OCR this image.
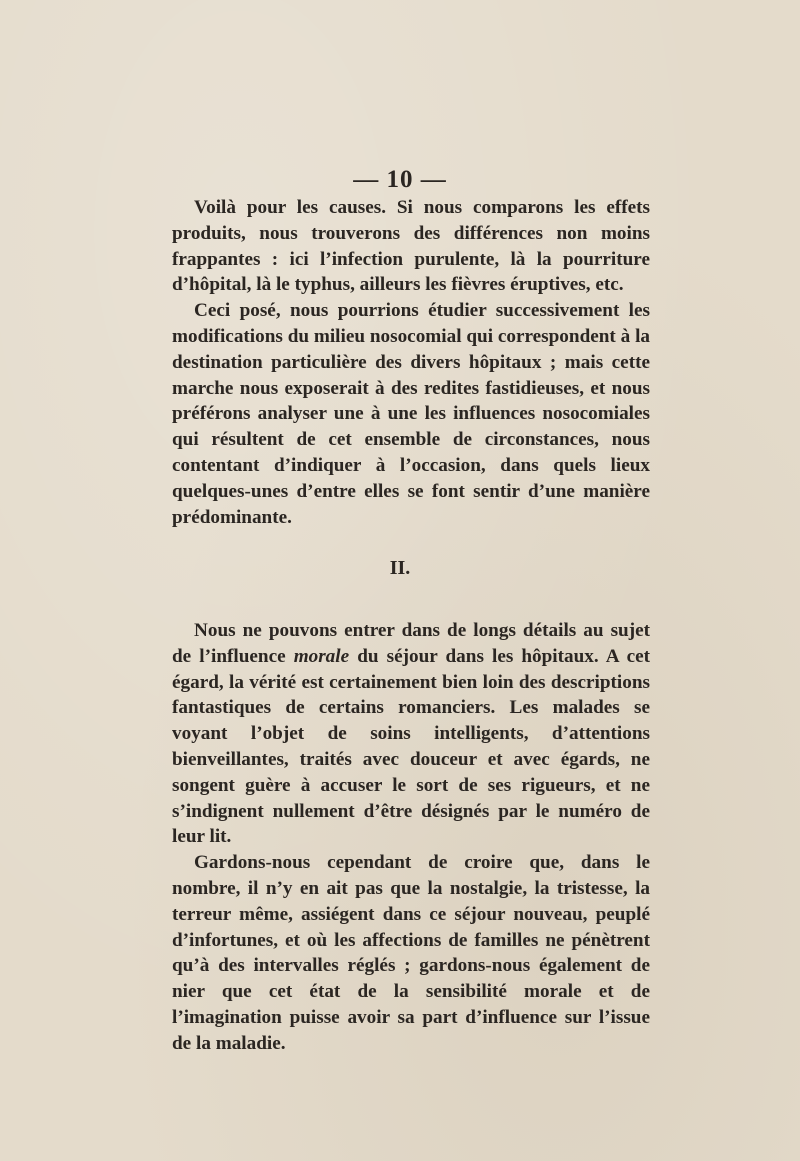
— 10 —

Voilà pour les causes. Si nous comparons les effets produits, nous trouverons des différences non moins frappantes : ici l’infection purulente, là la pourriture d’hôpital, là le typhus, ailleurs les fièvres éruptives, etc.

Ceci posé, nous pourrions étudier successivement les modifications du milieu nosocomial qui correspondent à la destination particulière des divers hôpitaux ; mais cette marche nous exposerait à des redites fastidieuses, et nous préférons analyser une à une les influences nosocomiales qui résultent de cet ensemble de circonstances, nous contentant d’indiquer à l’occasion, dans quels lieux quelques-unes d’entre elles se font sentir d’une manière prédominante.

II.

Nous ne pouvons entrer dans de longs détails au sujet de l’influence morale du séjour dans les hôpitaux. A cet égard, la vérité est certainement bien loin des descriptions fantastiques de certains romanciers. Les malades se voyant l’objet de soins intelligents, d’attentions bienveillantes, traités avec douceur et avec égards, ne songent guère à accuser le sort de ses rigueurs, et ne s’indignent nullement d’être désignés par le numéro de leur lit.

Gardons-nous cependant de croire que, dans le nombre, il n’y en ait pas que la nostalgie, la tristesse, la terreur même, assiégent dans ce séjour nouveau, peuplé d’infortunes, et où les affections de familles ne pénètrent qu’à des intervalles réglés ; gardons-nous également de nier que cet état de la sensibilité morale et de l’imagination puisse avoir sa part d’influence sur l’issue de la maladie.
